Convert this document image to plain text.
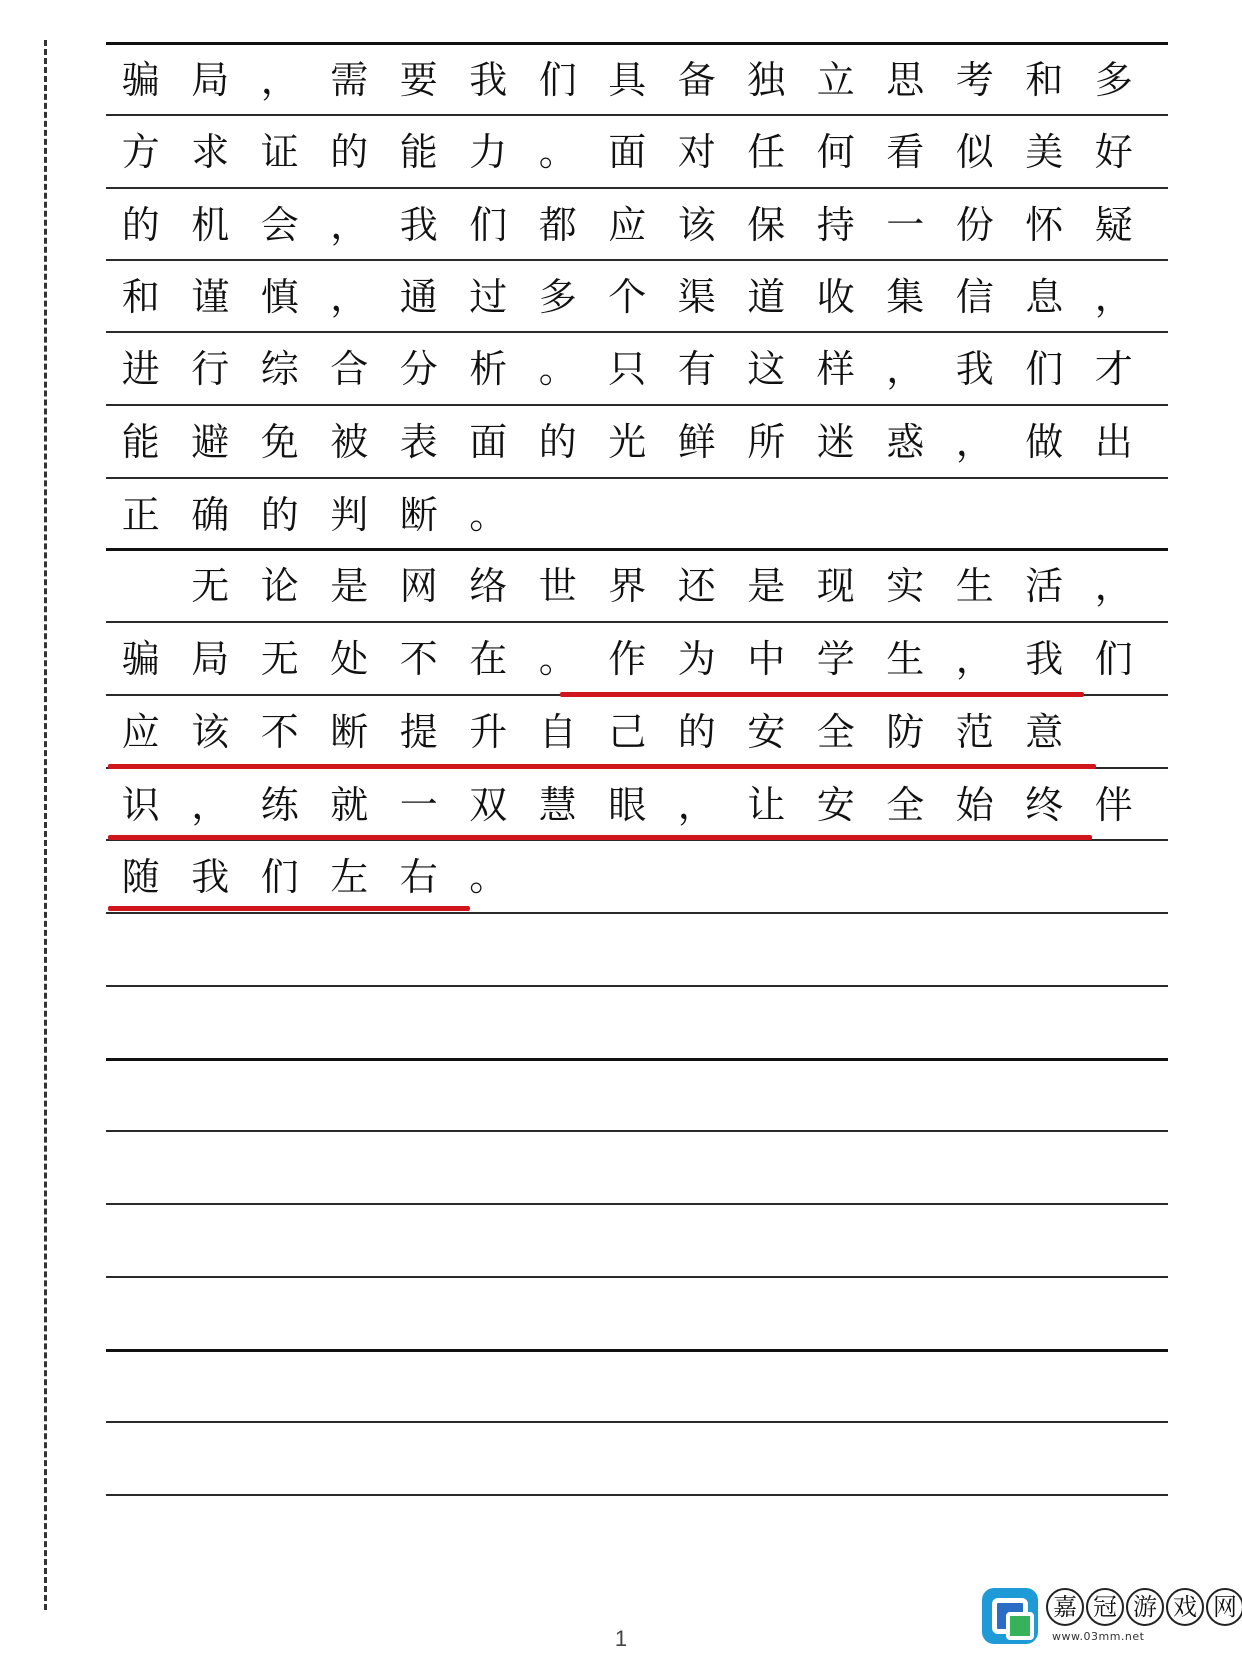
骗 局 ， 需 要 我 们 具 备 独 立 思 考 和 多
方 求 证 的 能 力 。 面 对 任 何 看 似 美 好
的 机 会 ， 我 们 都 应 该 保 持 一 份 怀 疑
和 谨 慎 ， 通 过 多 个 渠 道 收 集 信 息 ，
进 行 综 合 分 析 。 只 有 这 样 ， 我 们 才
能 避 免 被 表 面 的 光 鲜 所 迷 惑 ， 做 出
正 确 的 判 断 。

无 论 是 网 络 世 界 还 是 现 实 生 活 ，
骗 局 无 处 不 在 。 作 为 中 学 生 ， 我 们
应 该 不 断 提 升 自 己 的 安 全 防 范 意
识 ， 练 就 一 双 慧 眼 ， 让 安 全 始 终 伴
随 我 们 左 右 。
1
嘉 冠 游 戏 网
www.03mm.net
